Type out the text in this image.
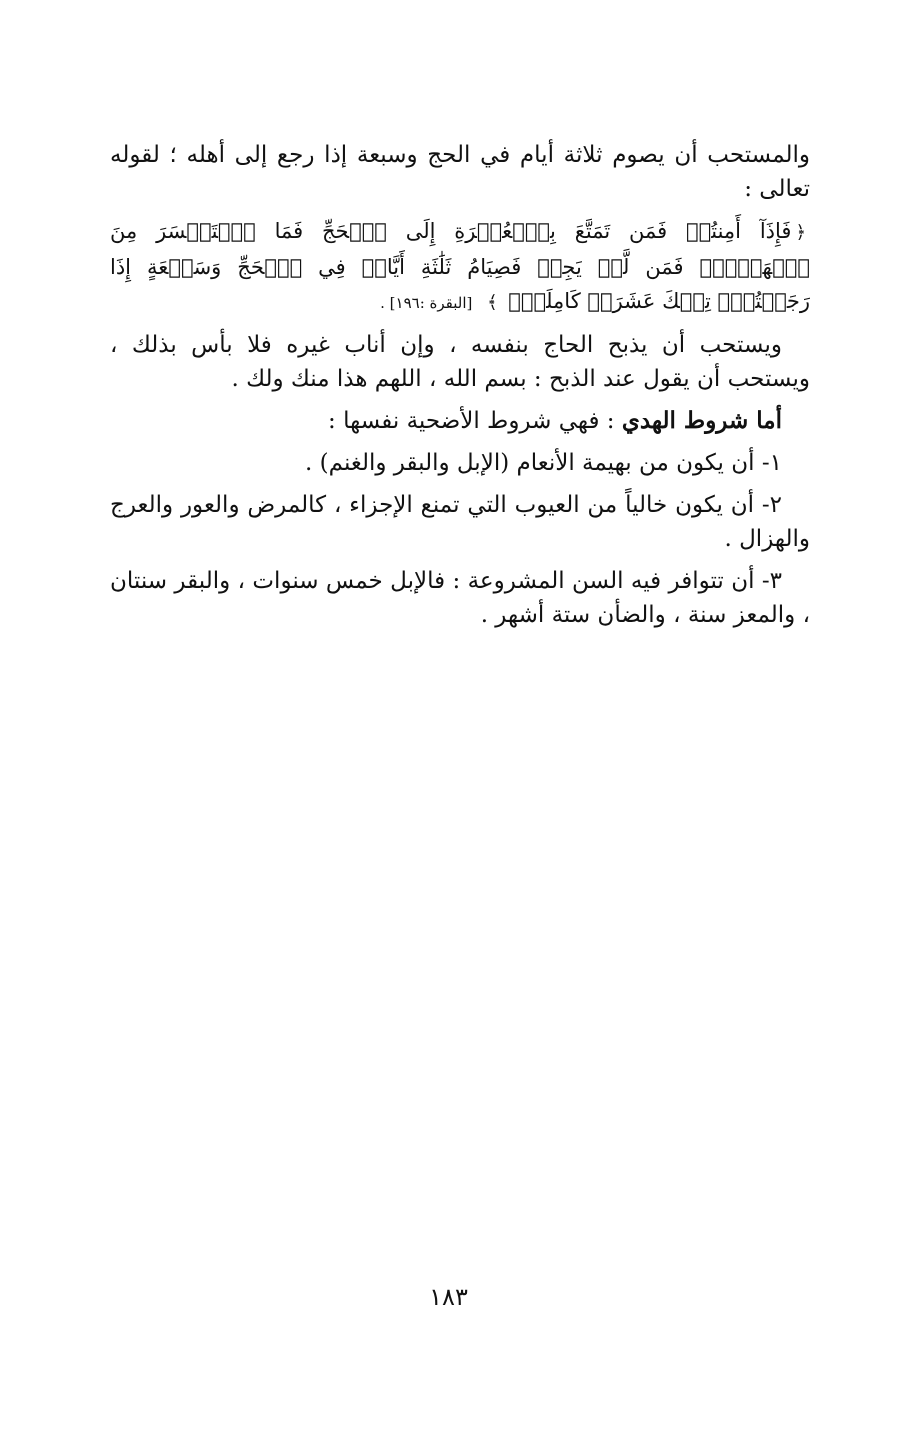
والمستحب أن يصوم ثلاثة أيام في الحج وسبعة إذا رجع إلى أهله ؛ لقوله تعالى :

﴿فَإِذَآ أَمِنتُمۡ فَمَن تَمَتَّعَ بِٱلۡعُمۡرَةِ إِلَى ٱلۡحَجِّ فَمَا ٱسۡتَيۡسَرَ مِنَ ٱلۡهَدۡيِۚ فَمَن لَّمۡ يَجِدۡ فَصِيَامُ ثَلَٰثَةِ أَيَّامٖ فِي ٱلۡحَجِّ وَسَبۡعَةٍ إِذَا رَجَعۡتُمۡۗ تِلۡكَ عَشَرَةٞ كَامِلَةٞۗ ﴾ [البقرة :١٩٦] .

ويستحب أن يذبح الحاج بنفسه ، وإن أناب غيره فلا بأس بذلك ، ويستحب أن يقول عند الذبح : بسم الله ، اللهم هذا منك ولك .

أما شروط الهدي : فهي شروط الأضحية نفسها :

١- أن يكون من بهيمة الأنعام (الإبل والبقر والغنم) .

٢- أن يكون خالياً من العيوب التي تمنع الإجزاء ، كالمرض والعور والعرج والهزال .

٣- أن تتوافر فيه السن المشروعة : فالإبل خمس سنوات ، والبقر سنتان ، والمعز سنة ، والضأن ستة أشهر .

١٨٣
